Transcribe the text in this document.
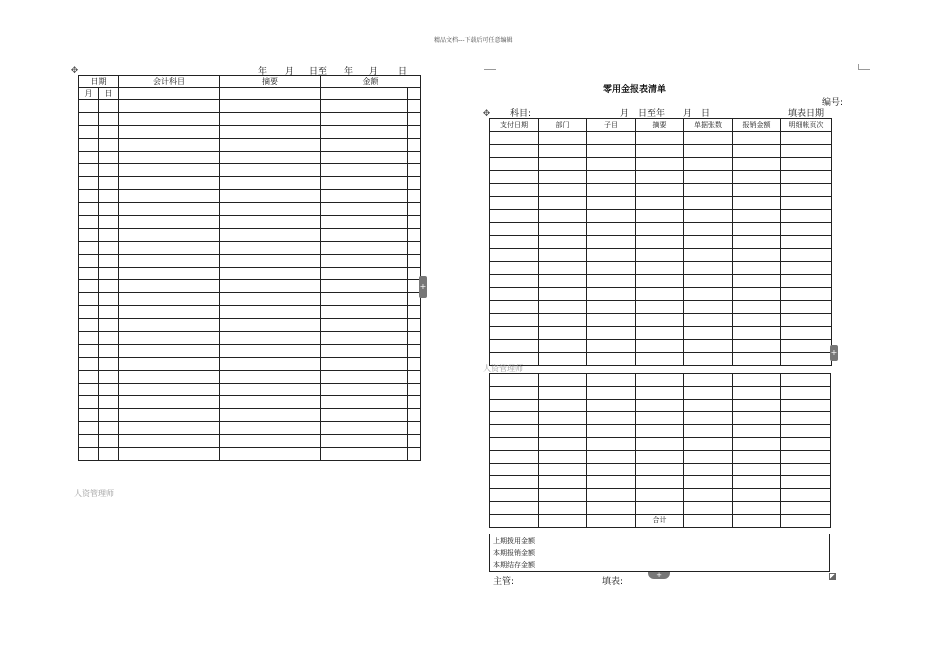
精品文档---下载后可任意编辑
✥	年 月 日至 年 月 日
日期		会计科目	摘要	金额	
月	日				

+
人资管理师
零用金报表清单
编号:
✥ 科目:	月　日至年　　月　日	填表日期
支付日期	部门	子目	摘要	单据张数	报销金额	明细帐页次

+
人资管理师

			合计			
上期拨用金额
本期报销金额
本期结存金额
主管:	填表:
+
